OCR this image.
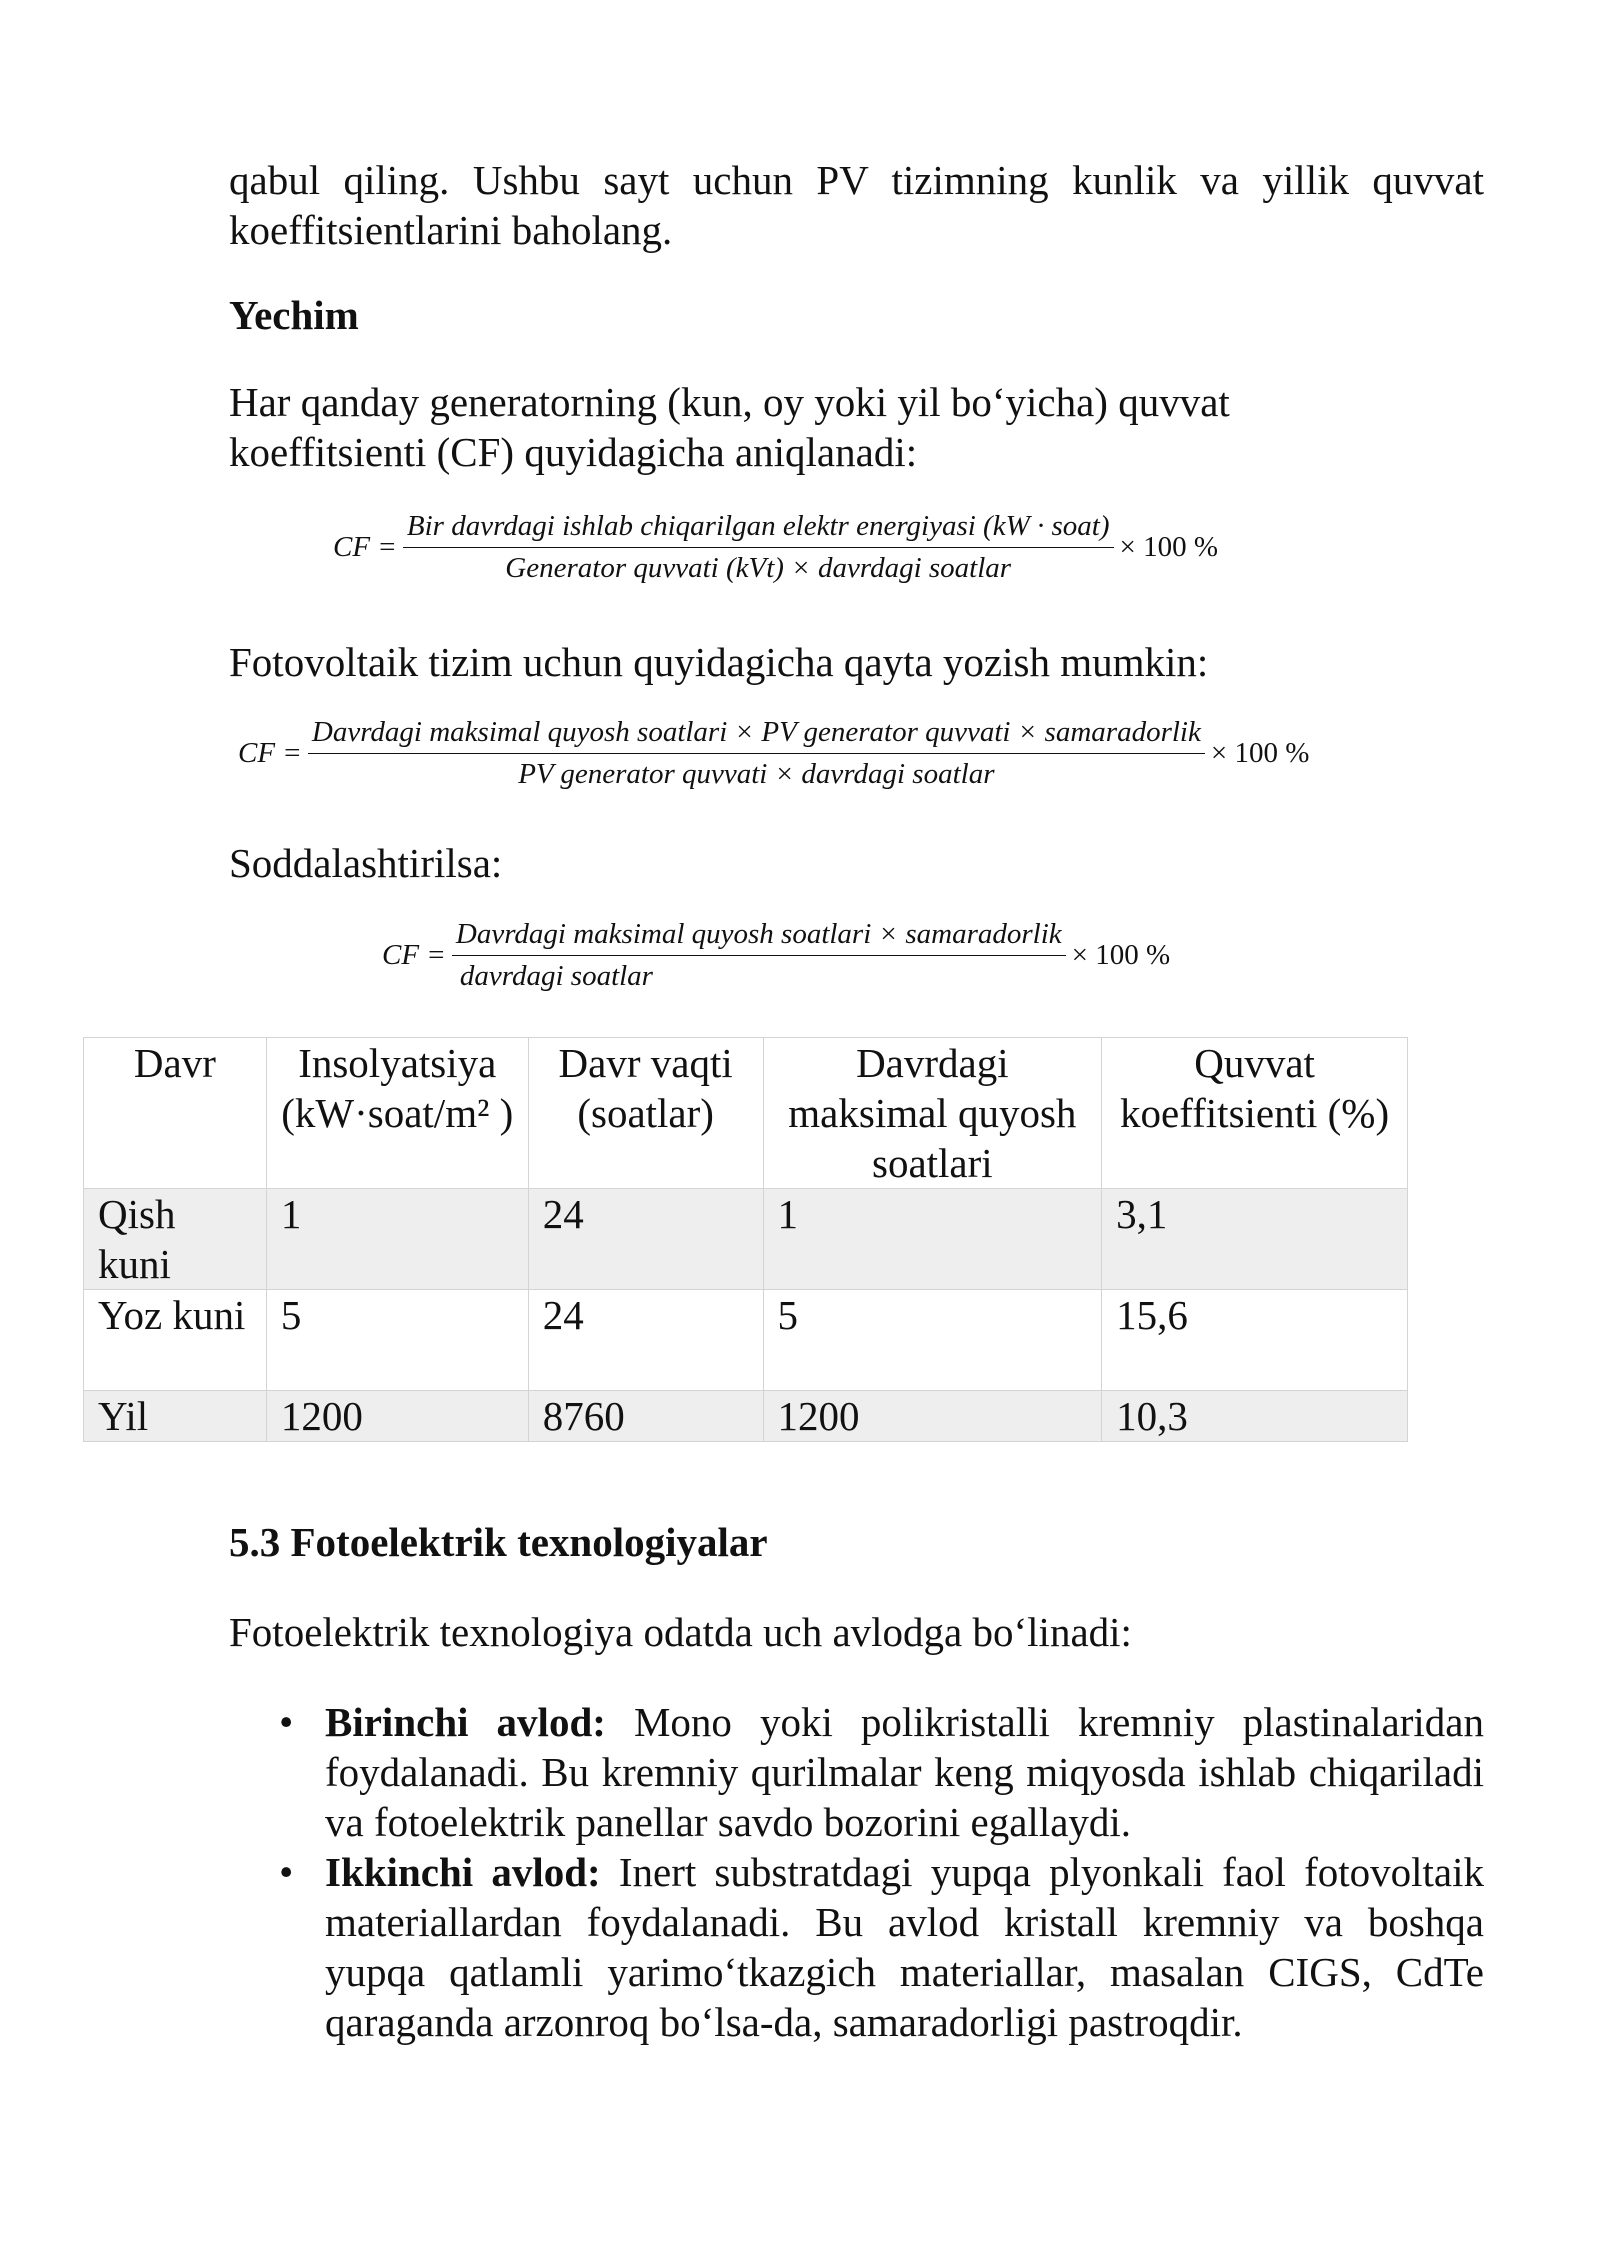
qabul qiling. Ushbu sayt uchun PV tizimning kunlik va yillik quvvat

koeffitsientlarini baholang.

Yechim

Har qanday generatorning (kun, oy yoki yil bo‘yicha) quvvat

koeffitsienti (CF) quyidagicha aniqlanadi:

CF =
Bir davrdagi ishlab chiqarilgan elektr energiyasi (kW · soat)
Generator quvvati (kVt) × davrdagi soatlar
× 100 %

Fotovoltaik tizim uchun quyidagicha qayta yozish mumkin:

CF =
Davrdagi maksimal quyosh soatlari × PV generator quvvati × samaradorlik
PV generator quvvati × davrdagi soatlar
× 100 %

Soddalashtirilsa:

CF = $\frac{\text{Davrdagi maksimal quyosh soatlari × samaradorlik}}{\text{davrdagi soatlar}} \times 100$ %
Davr	Insolyatsiya (kW·soat/m² )	Davr vaqti (soatlar)	Davrdagi maksimal quyosh soatlari	Quvvat koeffitsienti (%)
Qish kuni	1	24	1	3,1
Yoz kuni	5	24	5	15,6
Yil	1200	8760	1200	10,3

5.3 Fotoelektrik texnologiyalar

Fotoelektrik texnologiya odatda uch avlodga bo‘linadi:

• Birinchi avlod: Mono yoki polikristalli kremniy plastinalaridan foydalanadi. Bu kremniy qurilmalar keng miqyosda ishlab chiqariladi va fotoelektrik panellar savdo bozorini egallaydi.
• Ikkinchi avlod: Inert substratdagi yupqa plyonkali faol fotovoltaik materiallardan foydalanadi. Bu avlod kristall kremniy va boshqa yupqa qatlamli yarimo‘tkazgich materiallar, masalan CIGS, CdTe qaraganda arzonroq bo‘lsa-da, samaradorligi pastroqdir.
